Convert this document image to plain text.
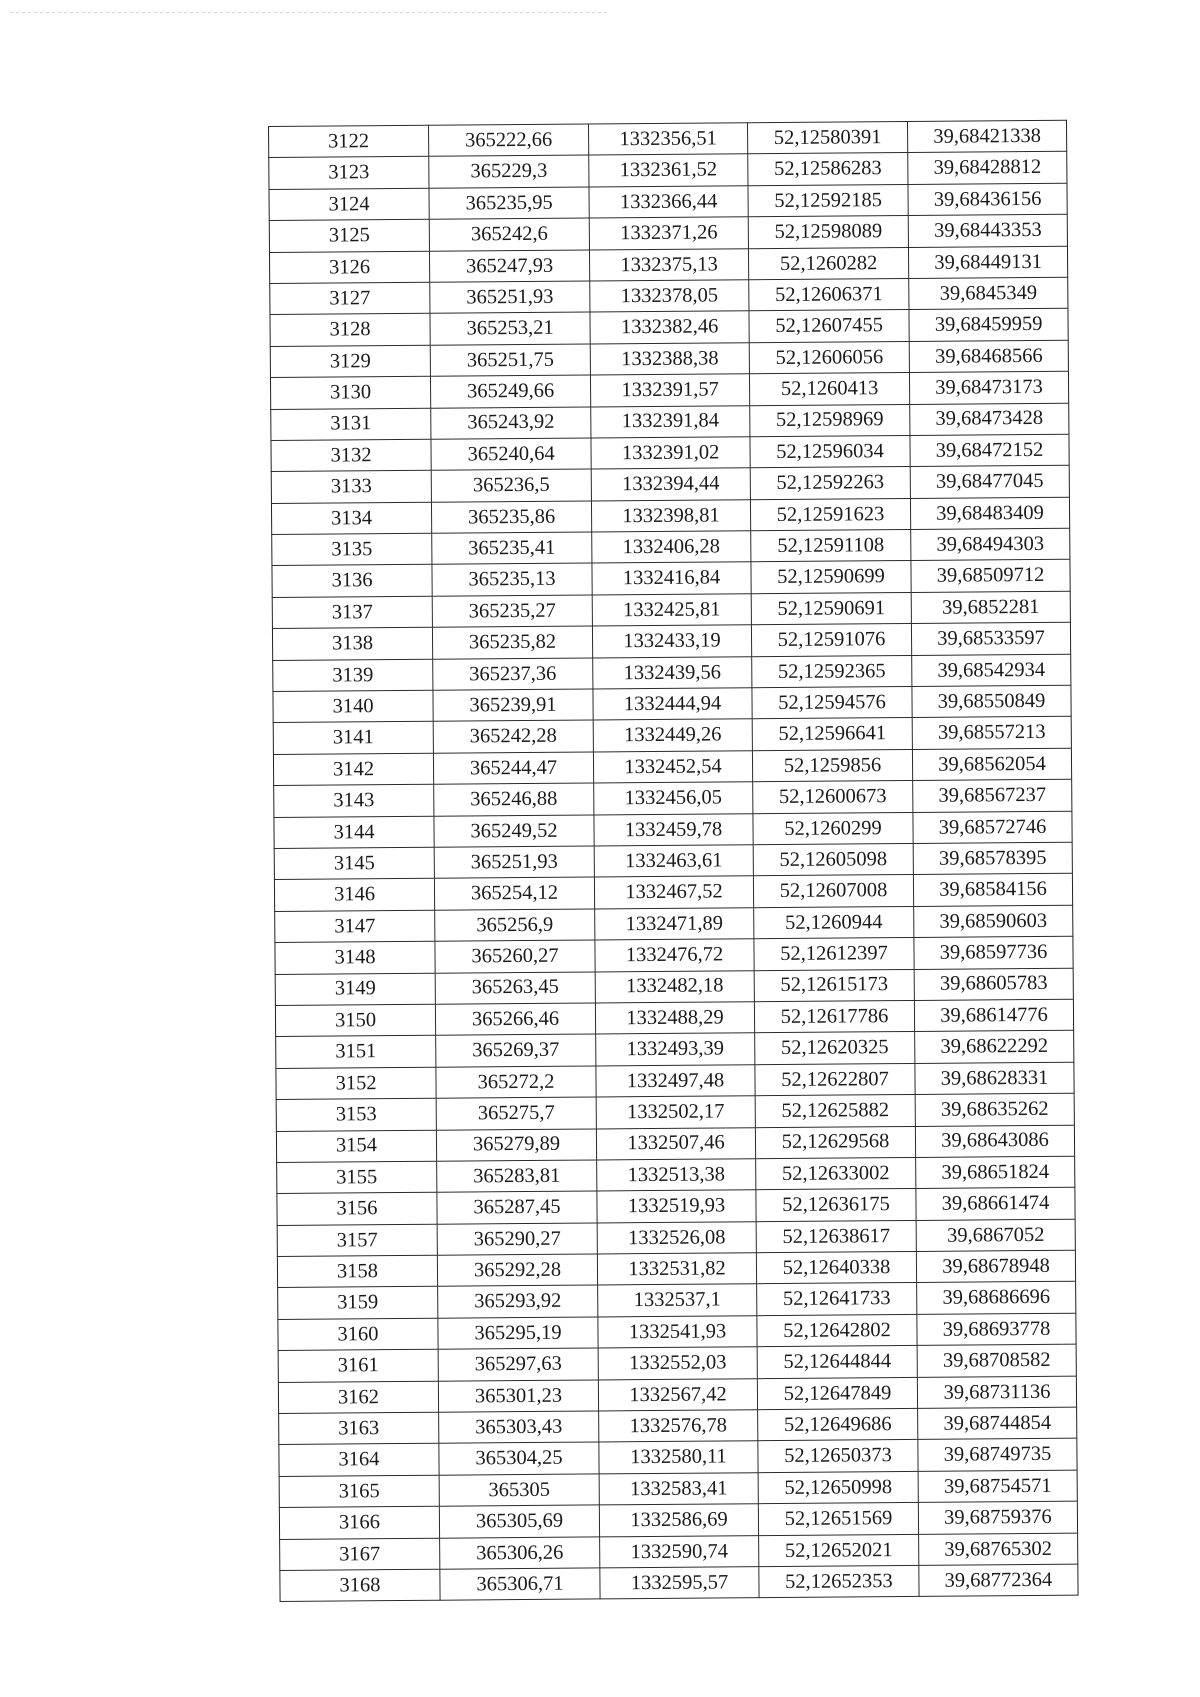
3122	365222,66	1332356,51	52,12580391	39,68421338
3123	365229,3	1332361,52	52,12586283	39,68428812
3124	365235,95	1332366,44	52,12592185	39,68436156
3125	365242,6	1332371,26	52,12598089	39,68443353
3126	365247,93	1332375,13	52,1260282	39,68449131
3127	365251,93	1332378,05	52,12606371	39,6845349
3128	365253,21	1332382,46	52,12607455	39,68459959
3129	365251,75	1332388,38	52,12606056	39,68468566
3130	365249,66	1332391,57	52,1260413	39,68473173
3131	365243,92	1332391,84	52,12598969	39,68473428
3132	365240,64	1332391,02	52,12596034	39,68472152
3133	365236,5	1332394,44	52,12592263	39,68477045
3134	365235,86	1332398,81	52,12591623	39,68483409
3135	365235,41	1332406,28	52,12591108	39,68494303
3136	365235,13	1332416,84	52,12590699	39,68509712
3137	365235,27	1332425,81	52,12590691	39,6852281
3138	365235,82	1332433,19	52,12591076	39,68533597
3139	365237,36	1332439,56	52,12592365	39,68542934
3140	365239,91	1332444,94	52,12594576	39,68550849
3141	365242,28	1332449,26	52,12596641	39,68557213
3142	365244,47	1332452,54	52,1259856	39,68562054
3143	365246,88	1332456,05	52,12600673	39,68567237
3144	365249,52	1332459,78	52,1260299	39,68572746
3145	365251,93	1332463,61	52,12605098	39,68578395
3146	365254,12	1332467,52	52,12607008	39,68584156
3147	365256,9	1332471,89	52,1260944	39,68590603
3148	365260,27	1332476,72	52,12612397	39,68597736
3149	365263,45	1332482,18	52,12615173	39,68605783
3150	365266,46	1332488,29	52,12617786	39,68614776
3151	365269,37	1332493,39	52,12620325	39,68622292
3152	365272,2	1332497,48	52,12622807	39,68628331
3153	365275,7	1332502,17	52,12625882	39,68635262
3154	365279,89	1332507,46	52,12629568	39,68643086
3155	365283,81	1332513,38	52,12633002	39,68651824
3156	365287,45	1332519,93	52,12636175	39,68661474
3157	365290,27	1332526,08	52,12638617	39,6867052
3158	365292,28	1332531,82	52,12640338	39,68678948
3159	365293,92	1332537,1	52,12641733	39,68686696
3160	365295,19	1332541,93	52,12642802	39,68693778
3161	365297,63	1332552,03	52,12644844	39,68708582
3162	365301,23	1332567,42	52,12647849	39,68731136
3163	365303,43	1332576,78	52,12649686	39,68744854
3164	365304,25	1332580,11	52,12650373	39,68749735
3165	365305	1332583,41	52,12650998	39,68754571
3166	365305,69	1332586,69	52,12651569	39,68759376
3167	365306,26	1332590,74	52,12652021	39,68765302
3168	365306,71	1332595,57	52,12652353	39,68772364
